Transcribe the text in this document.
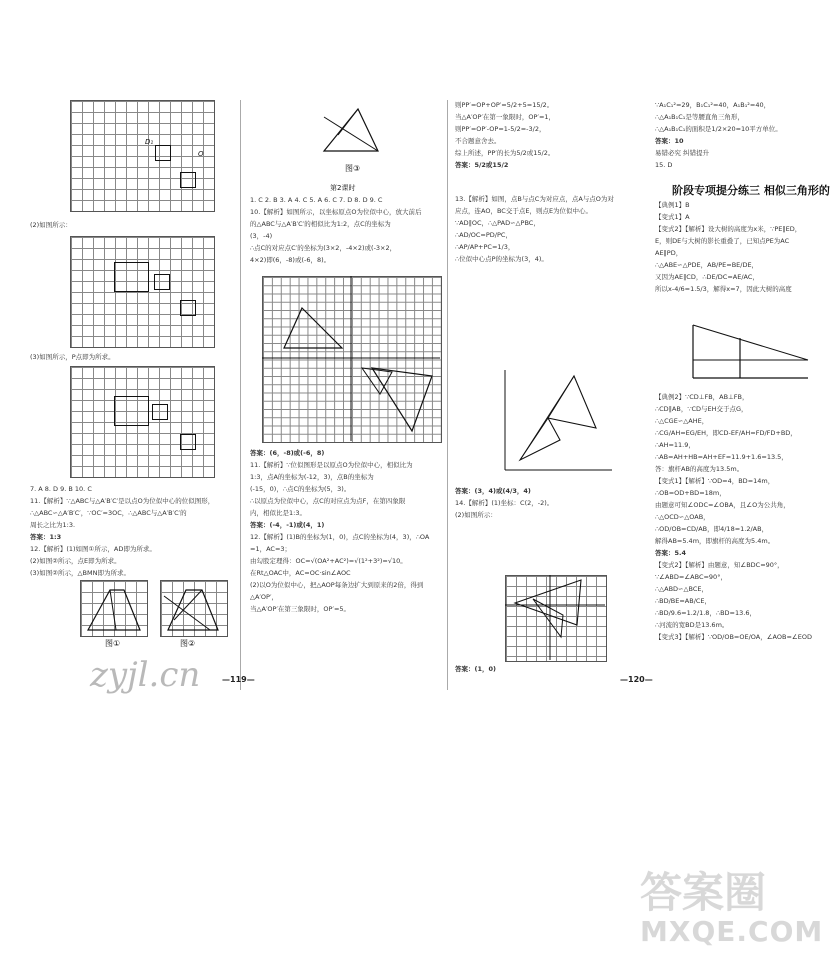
D₁
O

(2)如图所示：

(3)如图所示，P点即为所求。

7. A 8. D 9. B 10. C

11.【解析】∵△ABC与△A′B′C′是以点O为位似中心的位似图形，

∴△ABC∽△A′B′C′，∵OC′=3OC，∴△ABC与△A′B′C′的

周长之比为1:3.

答案：1:3

12.【解析】(1)如图①所示，AD即为所求。

(2)如图②所示，点E即为所求。

(3)如图②所示，△BMN即为所求。

图①	图②
zyjl.cn
图③
第2课时

1. C 2. B 3. A 4. C 5. A 6. C 7. D 8. D 9. C

10.【解析】如图所示，以坐标原点O为位似中心，放大前后

的△ABC与△A′B′C′的相似比为1:2，点C的坐标为

(3，-4)

∴点C的对应点C′的坐标为(3×2，-4×2)或(-3×2，

4×2)即(6，-8)或(-6，8)。

答案：(6，-8)或(-6，8)

11.【解析】∵位似图形是以原点O为位似中心，相似比为

1:3，点A的坐标为(-12，3)，点B的坐标为

(-15，0)，∴点C的坐标为(5，3)。

∴以原点为位似中心，点C的对应点为点F，在第四象限

内，相似比是1:3。

答案：(-4，-1)或(4，1)

12.【解析】(1)B的坐标为(1，0)，点C的坐标为(4，3)，∴OA

=1，AC=3；

由勾股定理得：OC=√(OA²+AC²)=√(1²+3²)=√10。

在Rt△OAC中，AC=OC·sin∠AOC

(2)以O为位似中心，把△AOP每条边扩大到原来的2倍，得到

△A′OP′，

当△A′OP′在第三象限时，OP′=5。

—119—

则PP′=OP+OP′=5/2+5=15/2。

当△A′OP′在第一象限时，OP′=1，

则PP′=OP′-OP=1-5/2=-3/2，

不合题意舍去。

综上所述，PP′的长为5/2或15/2。

答案：5/2或15/2

13.【解析】如图，点B与点C为对应点，点A与点O为对

应点，连AO，BC交于点E，则点E为位似中心。

∵AD∥OC，∴△PAD∽△PBC，

∴AD/OC=PD/PC，

∴AP/AP+PC=1/3，

∴位似中心点P的坐标为(3，4)。

答案：(3，4)或(4/3，4)

14.【解析】(1)坐标：C(2，-2)。

(2)如图所示：

答案：(1，0)

∵A₁C₁²=29，B₁C₁²=40，A₁B₁²=40，

∴△A₁B₁C₁是等腰直角三角形，

∴△A₁B₁C₁的面积是1/2×20=10平方单位。

答案：10

易错必究 纠错提升

15. D

阶段专项提分练三 相似三角形的

【典例1】B

【变式1】A

【变式2】【解析】设大树的高度为x米，∵PE∥ED，

E，则DE与大树的影长重叠了，已知点PE为AC

AE∥PD，

∴△ABE∽△PDE，AB/PE=BE/DE，

又因为AE∥CD，∴DE/DC=AE/AC，

所以x-4/6=1.5/3，解得x=7，因此大树的高度

【典例2】∵CD⊥FB，AB⊥FB，

∴CD∥AB，∵CD与EH交于点G，

∴△CGE∽△AHE，

∴CG/AH=EG/EH，即CD-EF/AH=FD/FD+BD，

∴AH=11.9，

∴AB=AH+HB=AH+EF=11.9+1.6=13.5，

答：旗杆AB的高度为13.5m。

【变式1】【解析】∵OD=4，BD=14m，

∴OB=OD+BD=18m，

由题意可知∠ODC=∠OBA，且∠O为公共角，

∴△OCD∽△OAB，

∴OD/OB=CD/AB，即4/18=1.2/AB，

解得AB=5.4m，即旗杆的高度为5.4m。

答案：5.4

【变式2】【解析】由题意，知∠BDC=90°，

∵∠ABD=∠ABC=90°，

∴△ABD∽△BCE，

∴BD/BE=AB/CE，

∴BD/9.6=1.2/1.8，∴BD=13.6，

∴河流的宽BD是13.6m。

【变式3】【解析】∵OD/OB=OE/OA，∠AOB=∠EOD

—120—
答案圈
MXQE.COM
